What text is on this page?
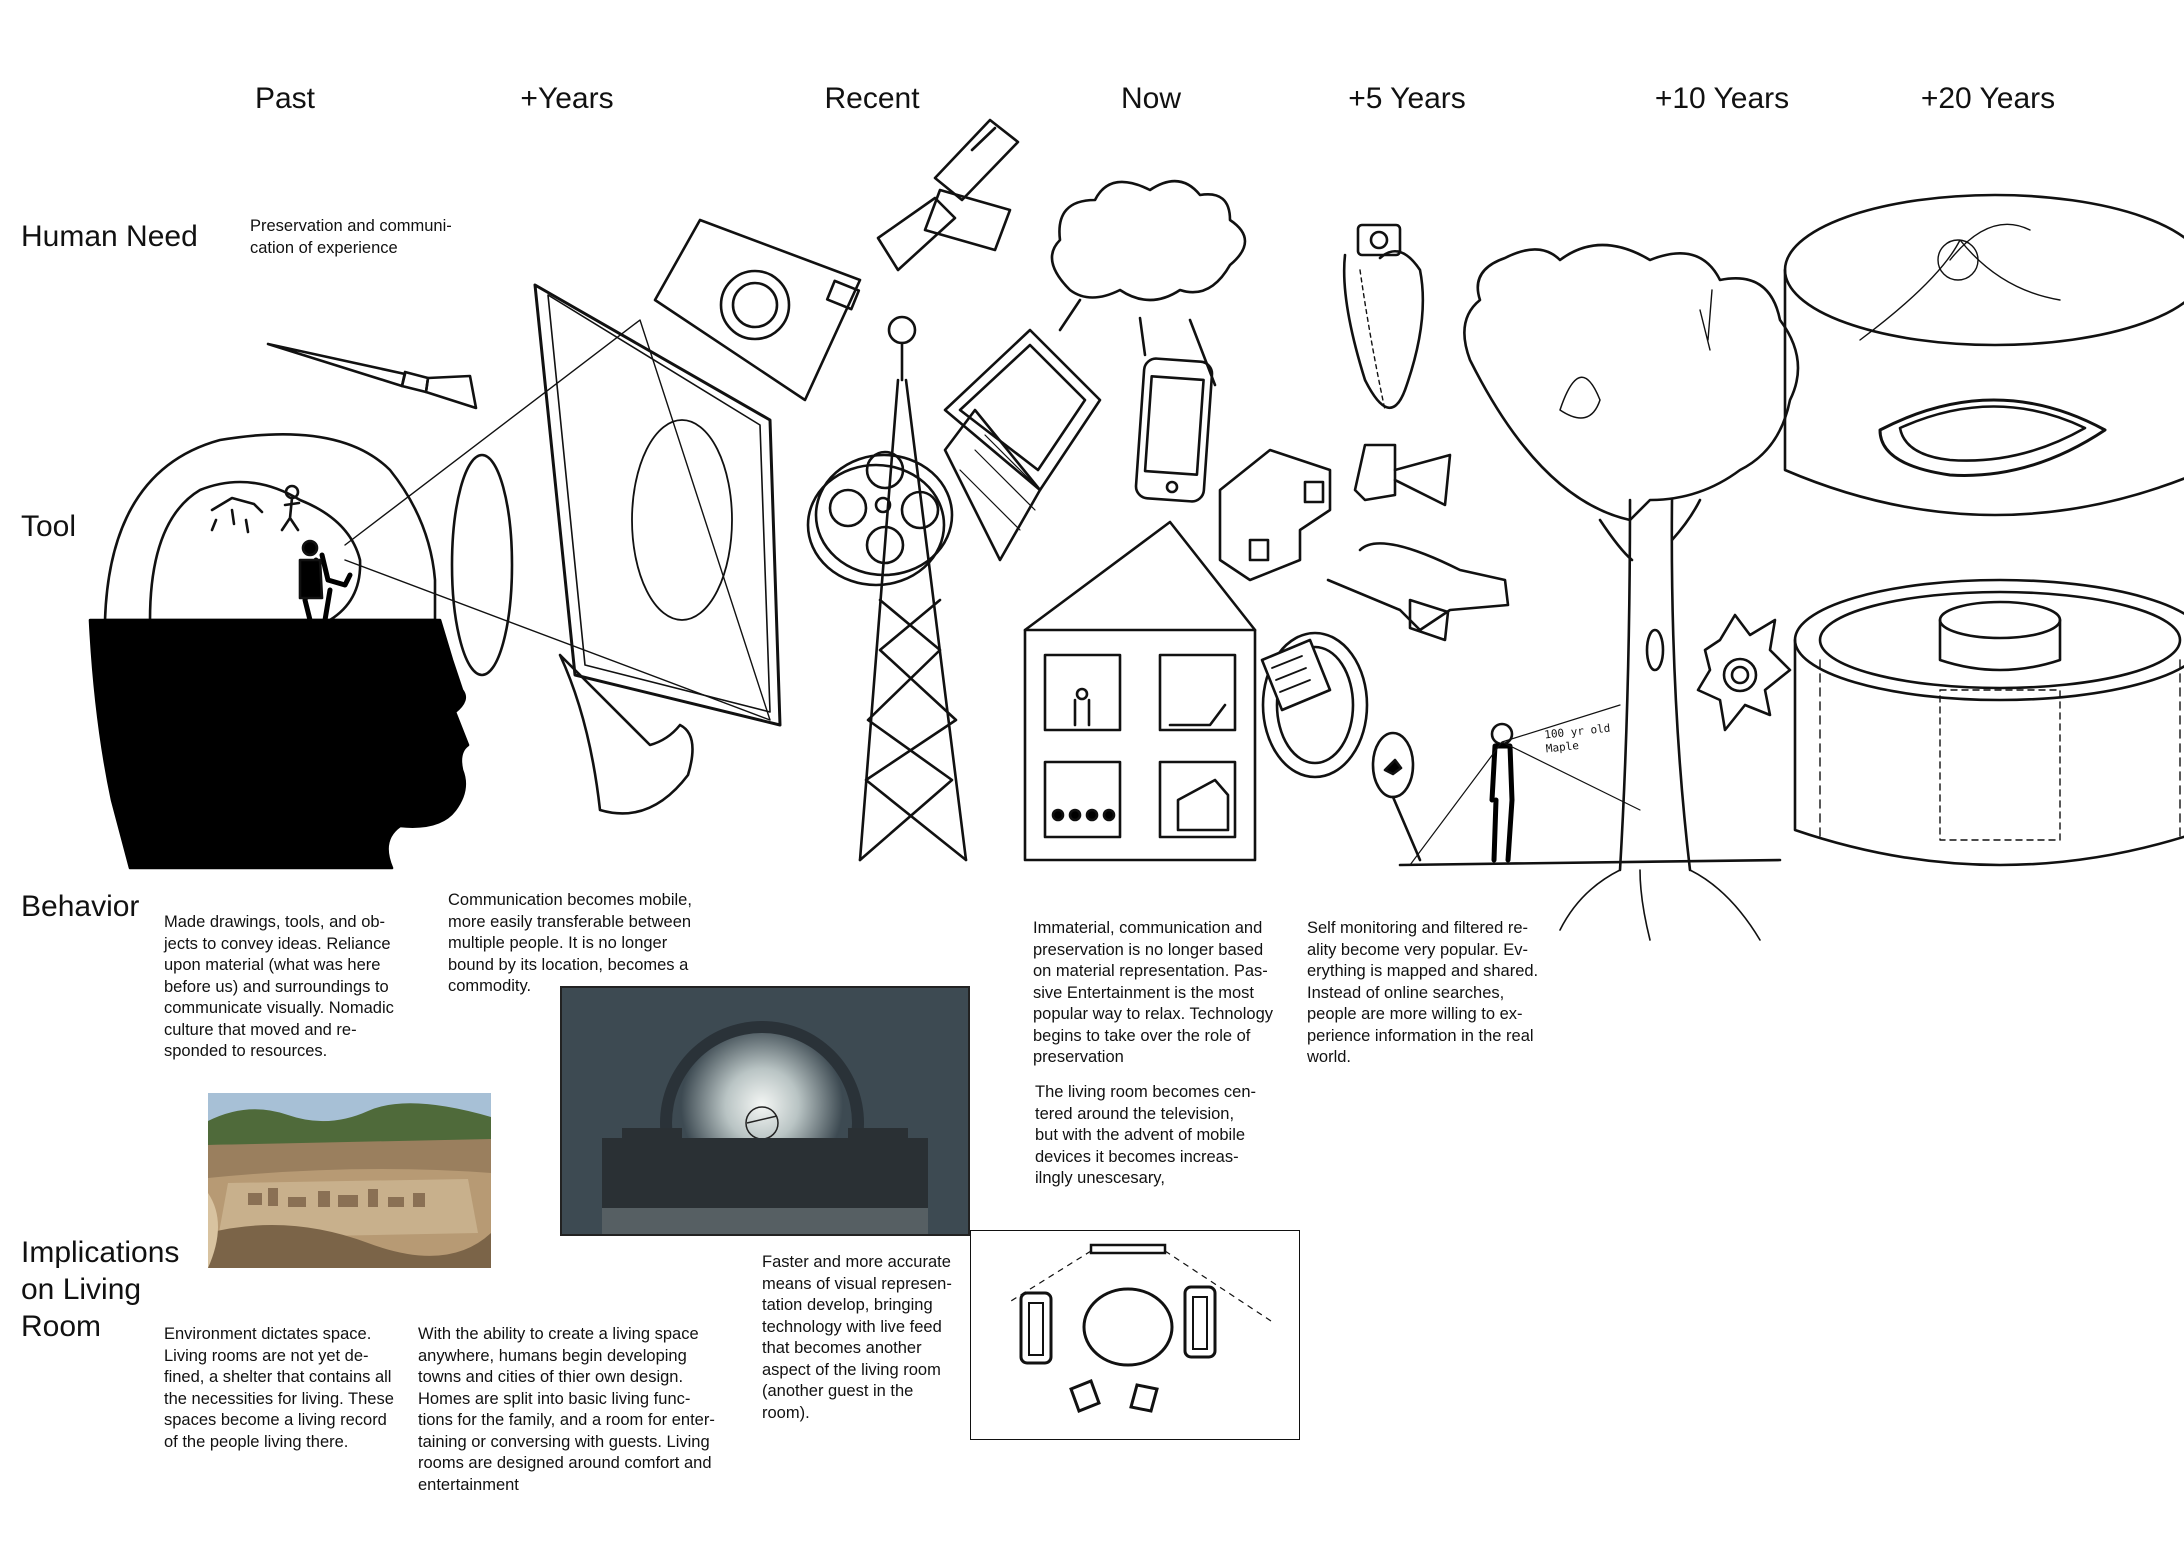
Past	+Years	Recent	Now	+5 Years	+10 Years	+20 Years
Human Need
Tool
Behavior
Implications
on Living
Room
Preservation and communi-
cation of experience
Made drawings, tools, and ob-
jects to convey ideas. Reliance
upon material (what was here
before us) and surroundings to
communicate visually. Nomadic
culture that moved and re-
sponded to resources.
Communication becomes mobile,
more easily transferable between
multiple people. It is no longer
bound by its location, becomes a
commodity.
Immaterial, communication and
preservation is no longer based
on material representation. Pas-
sive Entertainment is the most
popular way to relax. Technology
begins to take over the role of
preservation
Self monitoring and filtered re-
ality become very popular. Ev-
erything is mapped and shared.
Instead of online searches,
people are more willing to ex-
perience information in the real
world.
Environment dictates space.
Living rooms are not yet de-
fined, a shelter that contains all
the necessities for living. These
spaces become a living record
of the people living there.
With the ability to create a living space
anywhere, humans begin developing
towns and cities of thier own design.
Homes are split into basic living func-
tions for the family, and a room for enter-
taining or conversing with guests. Living
rooms are designed around comfort and
entertainment
Faster and more accurate
means of visual represen-
tation develop, bringing
technology with live feed
that becomes another
aspect of the living room
(another guest in the
room).
The living room becomes cen-
tered around the television,
but with the advent of mobile
devices it becomes increas-
ilngly unescesary,
100 yr old
Maple
